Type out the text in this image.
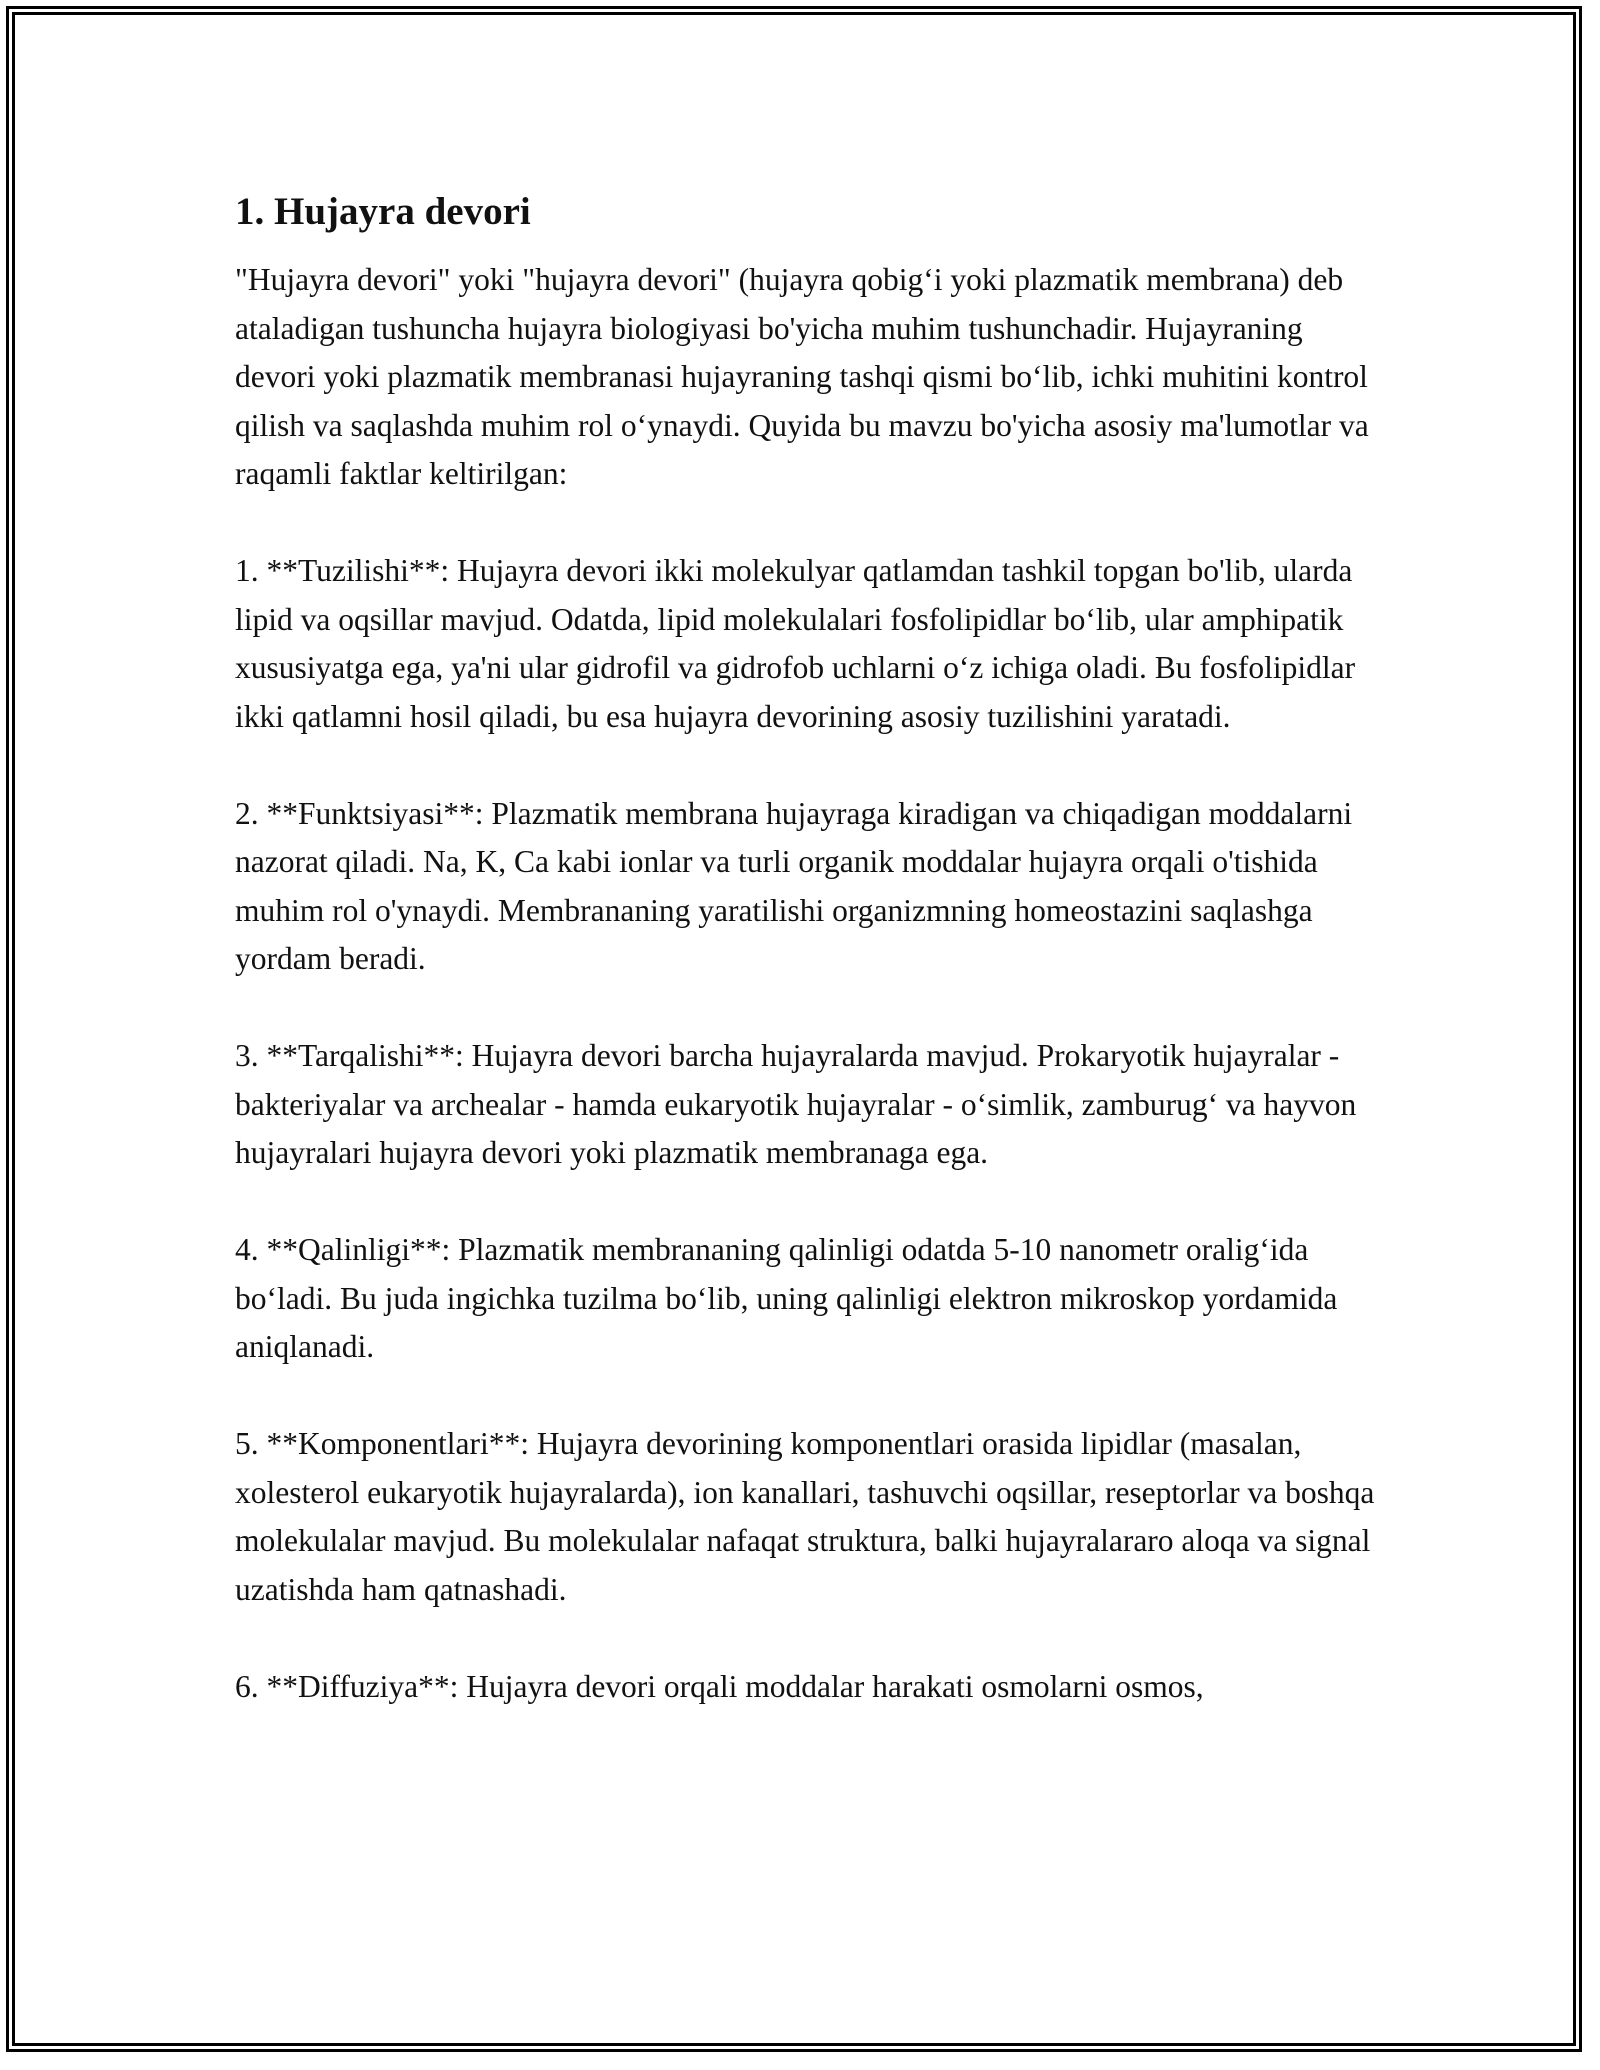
1. Hujayra devori

"Hujayra devori" yoki "hujayra devori" (hujayra qobig‘i yoki plazmatik membrana) deb ataladigan tushuncha hujayra biologiyasi bo'yicha muhim tushunchadir. Hujayraning devori yoki plazmatik membranasi hujayraning tashqi qismi bo‘lib, ichki muhitini kontrol qilish va saqlashda muhim rol o‘ynaydi. Quyida bu mavzu bo'yicha asosiy ma'lumotlar va raqamli faktlar keltirilgan:

1. **Tuzilishi**: Hujayra devori ikki molekulyar qatlamdan tashkil topgan bo'lib, ularda lipid va oqsillar mavjud. Odatda, lipid molekulalari fosfolipidlar bo‘lib, ular amphipatik xususiyatga ega, ya'ni ular gidrofil va gidrofob uchlarni o‘z ichiga oladi. Bu fosfolipidlar ikki qatlamni hosil qiladi, bu esa hujayra devorining asosiy tuzilishini yaratadi.

2. **Funktsiyasi**: Plazmatik membrana hujayraga kiradigan va chiqadigan moddalarni nazorat qiladi. Na, K, Ca kabi ionlar va turli organik moddalar hujayra orqali o'tishida muhim rol o'ynaydi. Membrananing yaratilishi organizmning homeostazini saqlashga yordam beradi.

3. **Tarqalishi**: Hujayra devori barcha hujayralarda mavjud. Prokaryotik hujayralar - bakteriyalar va archealar - hamda eukaryotik hujayralar - o‘simlik, zamburug‘ va hayvon hujayralari hujayra devori yoki plazmatik membranaga ega.

4. **Qalinligi**: Plazmatik membrananing qalinligi odatda 5-10 nanometr oralig‘ida bo‘ladi. Bu juda ingichka tuzilma bo‘lib, uning qalinligi elektron mikroskop yordamida aniqlanadi.

5. **Komponentlari**: Hujayra devorining komponentlari orasida lipidlar (masalan, xolesterol eukaryotik hujayralarda), ion kanallari, tashuvchi oqsillar, reseptorlar va boshqa molekulalar mavjud. Bu molekulalar nafaqat struktura, balki hujayralararo aloqa va signal uzatishda ham qatnashadi.

6. **Diffuziya**: Hujayra devori orqali moddalar harakati osmolarni osmos,
